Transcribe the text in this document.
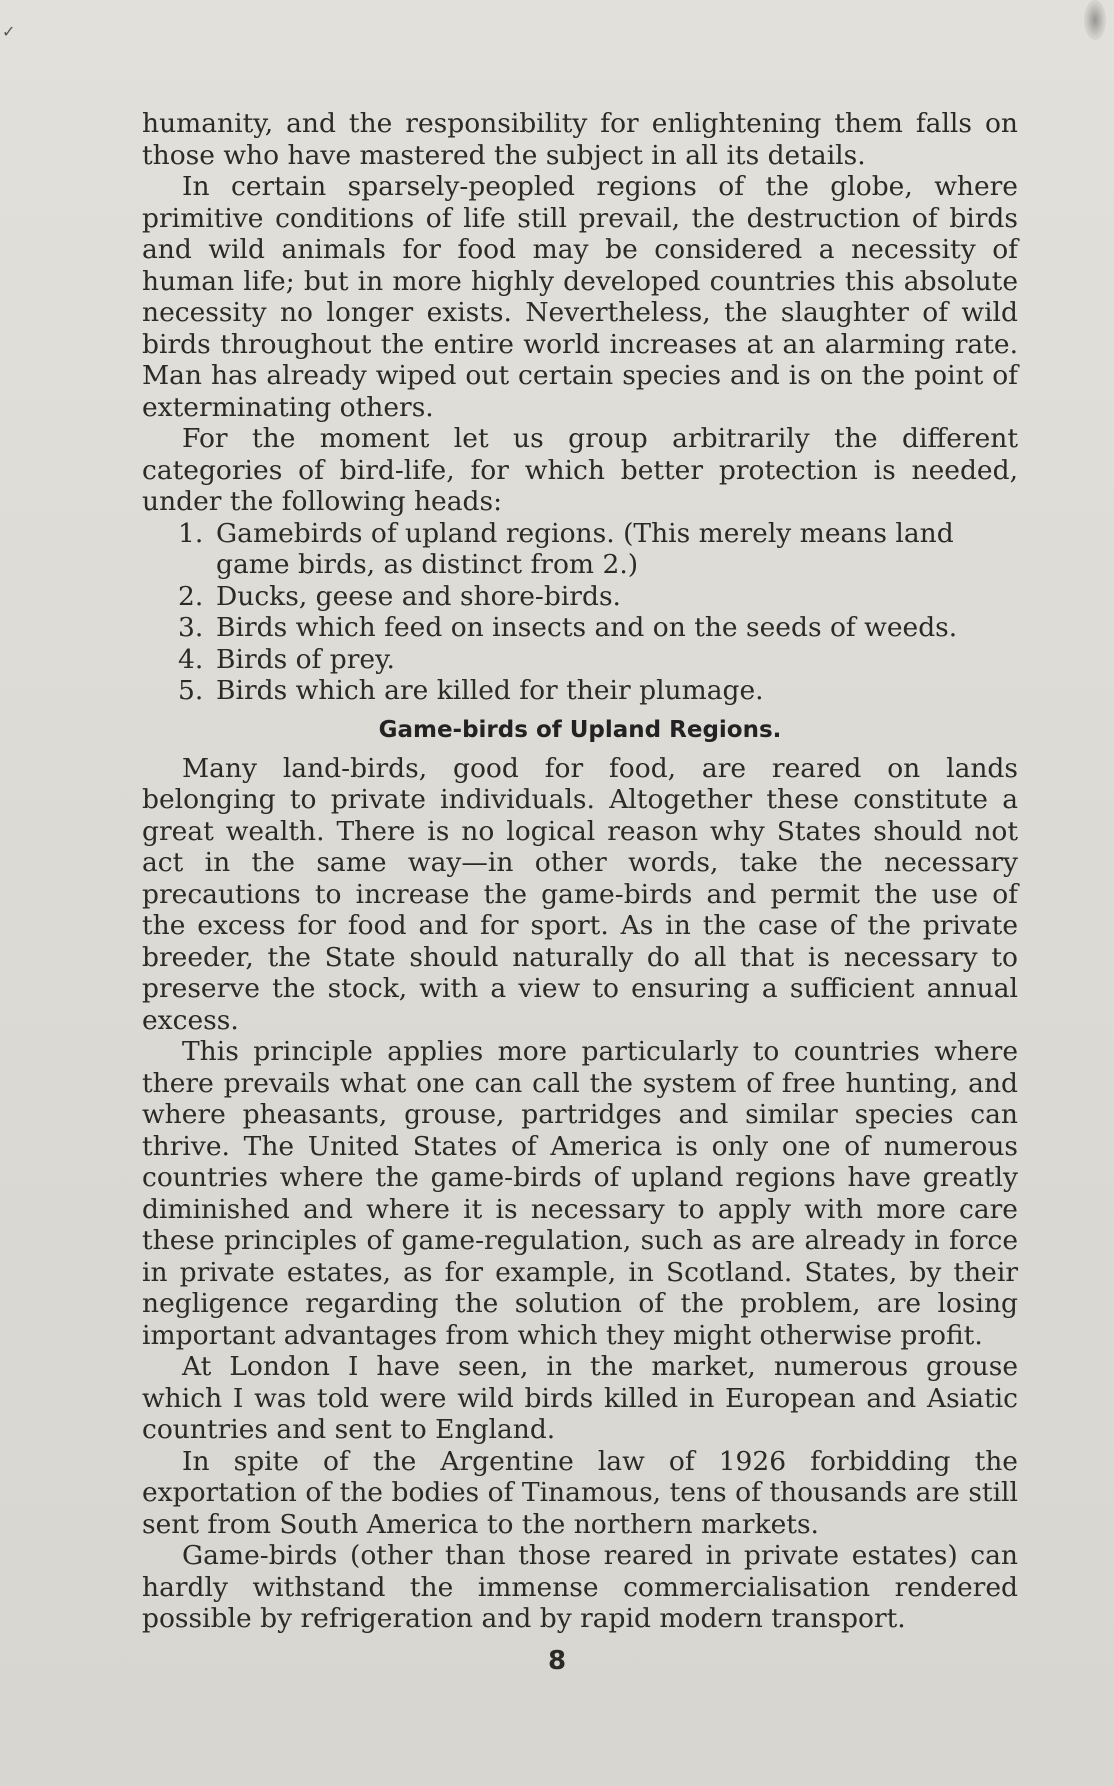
✓

humanity, and the responsibility for enlightening them falls on those who have mastered the subject in all its details.

In certain sparsely-peopled regions of the globe, where primitive conditions of life still prevail, the destruction of birds and wild animals for food may be considered a necessity of human life; but in more highly developed countries this absolute necessity no longer exists. Nevertheless, the slaughter of wild birds throughout the entire world increases at an alarming rate. Man has already wiped out certain species and is on the point of exterminating others.

For the moment let us group arbitrarily the different categories of bird-life, for which better protection is needed, under the following heads:

1. Gamebirds of upland regions. (This merely means land game birds, as distinct from 2.)
2. Ducks, geese and shore-birds.
3. Birds which feed on insects and on the seeds of weeds.
4. Birds of prey.
5. Birds which are killed for their plumage.
Game-birds of Upland Regions.

Many land-birds, good for food, are reared on lands belonging to private individuals. Altogether these constitute a great wealth. There is no logical reason why States should not act in the same way—in other words, take the necessary precautions to increase the game-birds and permit the use of the excess for food and for sport. As in the case of the private breeder, the State should naturally do all that is necessary to preserve the stock, with a view to ensuring a sufficient annual excess.

This principle applies more particularly to countries where there prevails what one can call the system of free hunting, and where pheasants, grouse, partridges and similar species can thrive. The United States of America is only one of numerous countries where the game-birds of upland regions have greatly diminished and where it is necessary to apply with more care these principles of game-regulation, such as are already in force in private estates, as for example, in Scotland. States, by their negligence regarding the solution of the problem, are losing important advantages from which they might otherwise profit.

At London I have seen, in the market, numerous grouse which I was told were wild birds killed in European and Asiatic countries and sent to England.

In spite of the Argentine law of 1926 forbidding the exportation of the bodies of Tinamous, tens of thousands are still sent from South America to the northern markets.

Game-birds (other than those reared in private estates) can hardly withstand the immense commercialisation rendered possible by refrigeration and by rapid modern transport.

8
